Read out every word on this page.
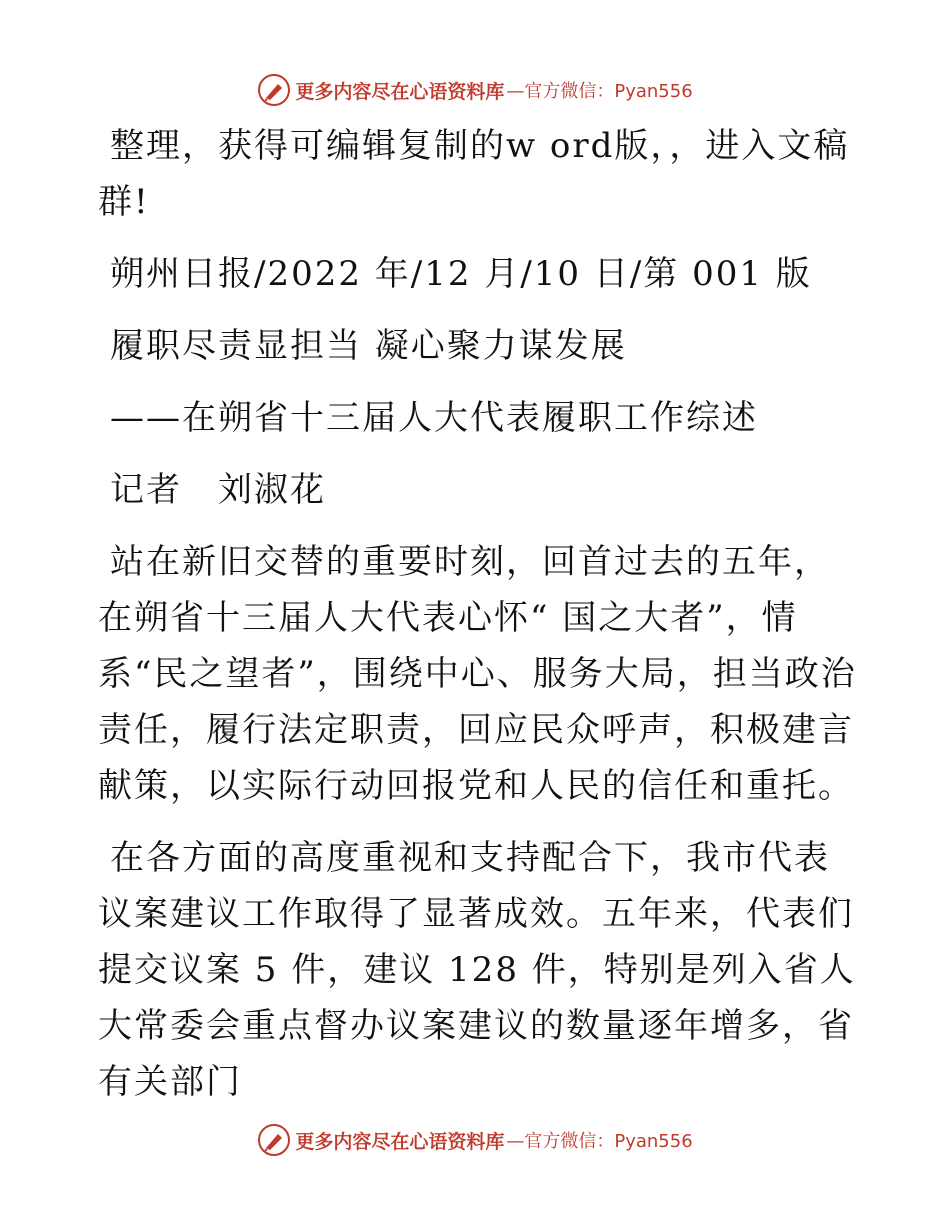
更多内容尽在心语资料库 —官方微信：Pyan556

整理，获得可编辑复制的w ord版，，进入文稿群!

朔州日报/2022 年/12 月/10 日/第 001 版

履职尽责显担当 凝心聚力谋发展

——在朔省十三届人大代表履职工作综述

记者　刘淑花

站在新旧交替的重要时刻，回首过去的五年，在朔省十三届人大代表心怀“ 国之大者”，情系“民之望者”，围绕中心、服务大局，担当政治责任，履行法定职责，回应民众呼声，积极建言献策，以实际行动回报党和人民的信任和重托。

在各方面的高度重视和支持配合下，我市代表议案建议工作取得了显著成效。五年来，代表们提交议案 5 件，建议 128 件，特别是列入省人大常委会重点督办议案建议的数量逐年增多，省有关部门

更多内容尽在心语资料库 —官方微信：Pyan556
